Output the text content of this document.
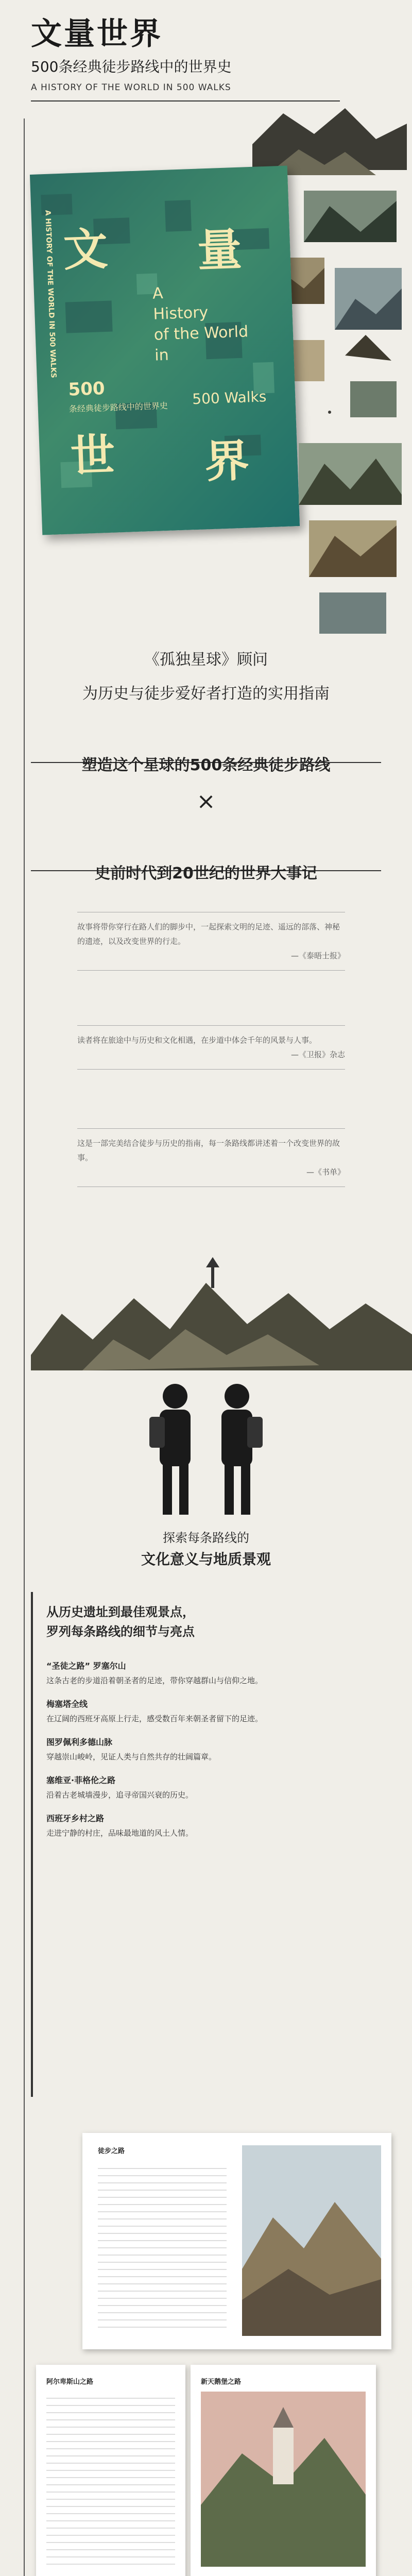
文量世界
500条经典徒步路线中的世界史
A HISTORY OF THE WORLD IN 500 WALKS
A HISTORY OF THE WORLD IN 500 WALKS 文 量
世 界
A
History
of the World
in
500
条经典徒步路线中的世界史 500 Walks
《孤独星球》顾问
为历史与徒步爱好者打造的实用指南
塑造这个星球的500条经典徒步路线
×
史前时代到20世纪的世界大事记
故事将带你穿行在路人们的脚步中，一起探索文明的足迹、遥远的部落、神秘的遗迹，以及改变世界的行走。
—《泰晤士报》
读者将在旅途中与历史和文化相遇，在步道中体会千年的风景与人事。
—《卫报》杂志
这是一部完美结合徒步与历史的指南，每一条路线都讲述着一个改变世界的故事。
—《书单》
探索每条路线的
文化意义与地质景观
从历史遗址到最佳观景点，
罗列每条路线的细节与亮点
“圣徒之路” 罗塞尔山
这条古老的步道沿着朝圣者的足迹，带你穿越群山与信仰之地。
梅塞塔全线
在辽阔的西班牙高原上行走，感受数百年来朝圣者留下的足迹。
图罗佩利多德山脉
穿越崇山峻岭，见证人类与自然共存的壮阔篇章。
塞维亚·菲格伦之路
沿着古老城墙漫步，追寻帝国兴衰的历史。
西班牙乡村之路
走进宁静的村庄，品味最地道的风土人情。
徒步之路
阿尔卑斯山之路	新天鹅堡之路
